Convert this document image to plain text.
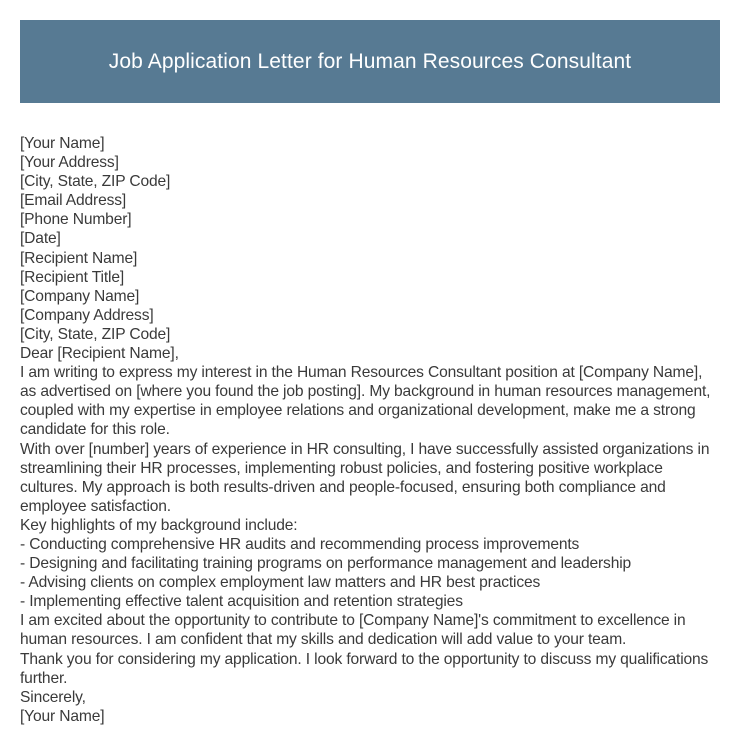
Job Application Letter for Human Resources Consultant

[Your Name]

[Your Address]

[City, State, ZIP Code]

[Email Address]

[Phone Number]

[Date]

[Recipient Name]

[Recipient Title]

[Company Name]

[Company Address]

[City, State, ZIP Code]

Dear [Recipient Name],

I am writing to express my interest in the Human Resources Consultant position at [Company Name], as advertised on [where you found the job posting]. My background in human resources management, coupled with my expertise in employee relations and organizational development, make me a strong candidate for this role.

With over [number] years of experience in HR consulting, I have successfully assisted organizations in streamlining their HR processes, implementing robust policies, and fostering positive workplace cultures. My approach is both results-driven and people-focused, ensuring both compliance and employee satisfaction.

Key highlights of my background include:

- Conducting comprehensive HR audits and recommending process improvements

- Designing and facilitating training programs on performance management and leadership

- Advising clients on complex employment law matters and HR best practices

- Implementing effective talent acquisition and retention strategies

I am excited about the opportunity to contribute to [Company Name]'s commitment to excellence in human resources. I am confident that my skills and dedication will add value to your team.

Thank you for considering my application. I look forward to the opportunity to discuss my qualifications further.

Sincerely,

[Your Name]
